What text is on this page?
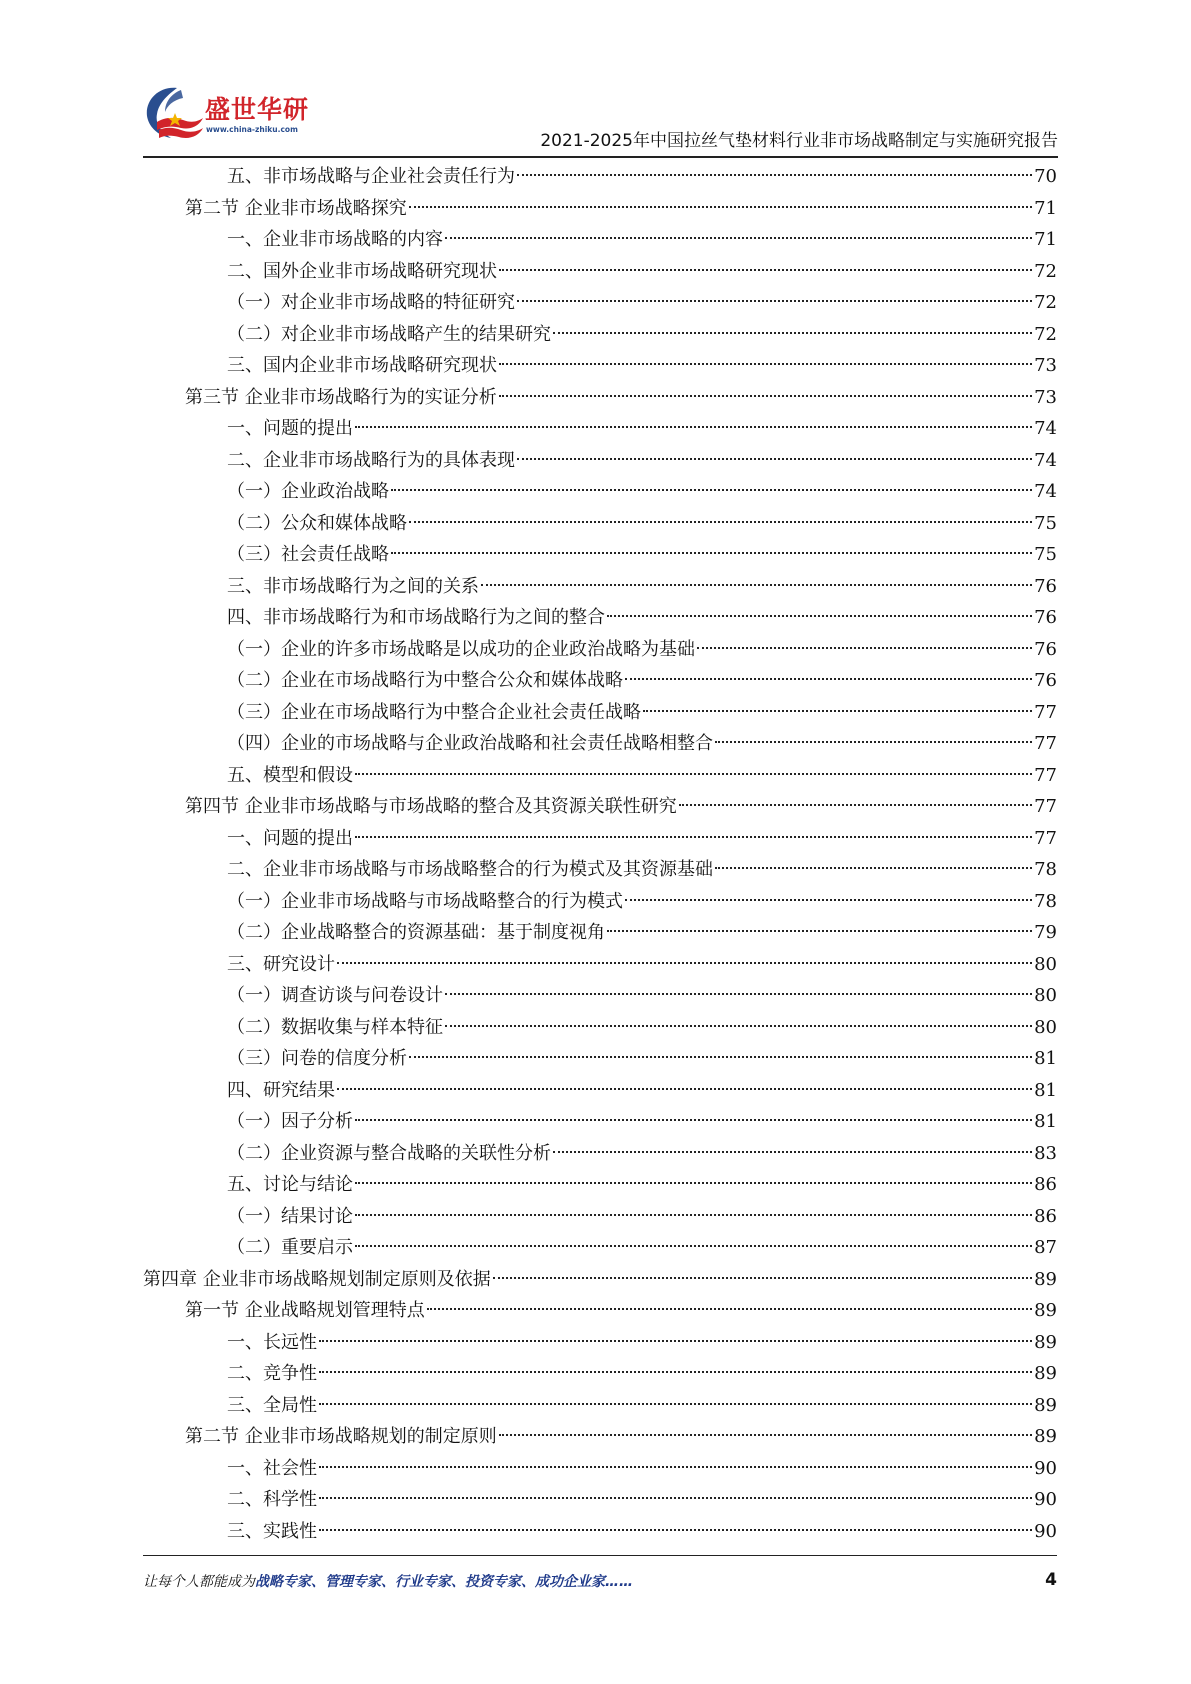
盛世华研
www.china-zhiku.com
2021-2025年中国拉丝气垫材料行业非市场战略制定与实施研究报告
五、非市场战略与企业社会责任行为	70
第二节 企业非市场战略探究	71
一、企业非市场战略的内容	71
二、国外企业非市场战略研究现状	72
（一）对企业非市场战略的特征研究	72
（二）对企业非市场战略产生的结果研究	72
三、国内企业非市场战略研究现状	73
第三节 企业非市场战略行为的实证分析	73
一、问题的提出	74
二、企业非市场战略行为的具体表现	74
（一）企业政治战略	74
（二）公众和媒体战略	75
（三）社会责任战略	75
三、非市场战略行为之间的关系	76
四、非市场战略行为和市场战略行为之间的整合	76
（一）企业的许多市场战略是以成功的企业政治战略为基础	76
（二）企业在市场战略行为中整合公众和媒体战略	76
（三）企业在市场战略行为中整合企业社会责任战略	77
（四）企业的市场战略与企业政治战略和社会责任战略相整合	77
五、模型和假设	77
第四节 企业非市场战略与市场战略的整合及其资源关联性研究	77
一、问题的提出	77
二、企业非市场战略与市场战略整合的行为模式及其资源基础	78
（一）企业非市场战略与市场战略整合的行为模式	78
（二）企业战略整合的资源基础：基于制度视角	79
三、研究设计	80
（一）调查访谈与问卷设计	80
（二）数据收集与样本特征	80
（三）问卷的信度分析	81
四、研究结果	81
（一）因子分析	81
（二）企业资源与整合战略的关联性分析	83
五、讨论与结论	86
（一）结果讨论	86
（二）重要启示	87
第四章 企业非市场战略规划制定原则及依据	89
第一节 企业战略规划管理特点	89
一、长远性	89
二、竞争性	89
三、全局性	89
第二节 企业非市场战略规划的制定原则	89
一、社会性	90
二、科学性	90
三、实践性	90
让每个人都能成为战略专家、管理专家、行业专家、投资专家、成功企业家……	4
